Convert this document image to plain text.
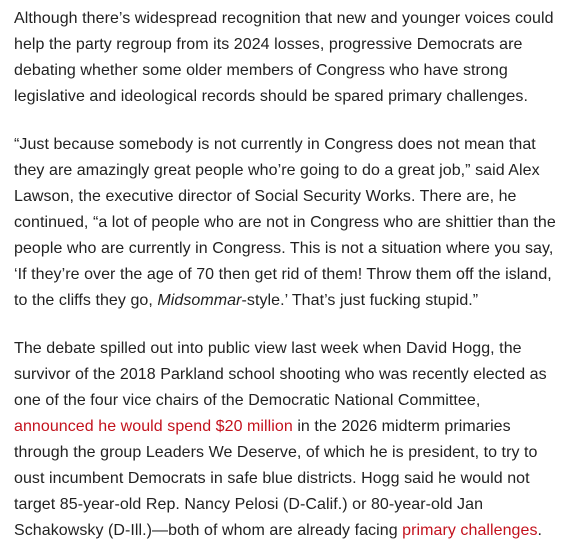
Although there’s widespread recognition that new and younger voices could help the party regroup from its 2024 losses, progressive Democrats are debating whether some older members of Congress who have strong legislative and ideological records should be spared primary challenges.

“Just because somebody is not currently in Congress does not mean that they are amazingly great people who’re going to do a great job,” said Alex Lawson, the executive director of Social Security Works. There are, he continued, “a lot of people who are not in Congress who are shittier than the people who are currently in Congress. This is not a situation where you say, ‘If they’re over the age of 70 then get rid of them! Throw them off the island, to the cliffs they go, Midsommar-style.’ That’s just fucking stupid.”

The debate spilled out into public view last week when David Hogg, the survivor of the 2018 Parkland school shooting who was recently elected as one of the four vice chairs of the Democratic National Committee, announced he would spend $20 million in the 2026 midterm primaries through the group Leaders We Deserve, of which he is president, to try to oust incumbent Democrats in safe blue districts. Hogg said he would not target 85-year-old Rep. Nancy Pelosi (D-Calif.) or 80-year-old Jan Schakowsky (D-Ill.)—both of whom are already facing primary challenges.
